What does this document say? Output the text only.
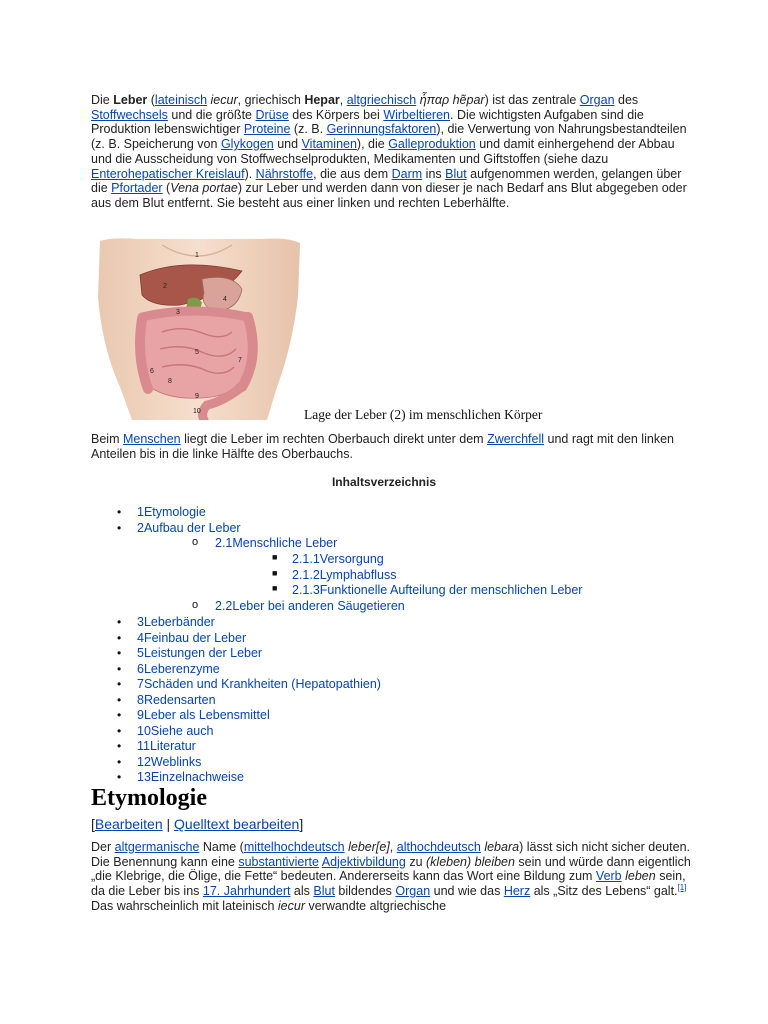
Die Leber (lateinisch iecur, griechisch Hepar, altgriechisch ἧπαρ hẽpar) ist das zentrale Organ des Stoffwechsels und die größte Drüse des Körpers bei Wirbeltieren. Die wichtigsten Aufgaben sind die Produktion lebenswichtiger Proteine (z. B. Gerinnungsfaktoren), die Verwertung von Nahrungsbestandteilen (z. B. Speicherung von Glykogen und Vitaminen), die Galleproduktion und damit einhergehend der Abbau und die Ausscheidung von Stoffwechselprodukten, Medikamenten und Giftstoffen (siehe dazu Enterohepatischer Kreislauf). Nährstoffe, die aus dem Darm ins Blut aufgenommen werden, gelangen über die Pfortader (Vena portae) zur Leber und werden dann von dieser je nach Bedarf ans Blut abgegeben oder aus dem Blut entfernt. Sie besteht aus einer linken und rechten Leberhälfte.

1
2
3
4
5
6
7
8
9
10	Lage der Leber (2) im menschlichen Körper

Beim Menschen liegt die Leber im rechten Oberbauch direkt unter dem Zwerchfell und ragt mit den linken Anteilen bis in die linke Hälfte des Oberbauchs.

Inhaltsverzeichnis
• 1Etymologie
• 2Aufbau der Leber
o 2.1Menschliche Leber
■ 2.1.1Versorgung
■ 2.1.2Lymphabfluss
■ 2.1.3Funktionelle Aufteilung der menschlichen Leber
o 2.2Leber bei anderen Säugetieren
• 3Leberbänder
• 4Feinbau der Leber
• 5Leistungen der Leber
• 6Leberenzyme
• 7Schäden und Krankheiten (Hepatopathien)
• 8Redensarten
• 9Leber als Lebensmittel
• 10Siehe auch
• 11Literatur
• 12Weblinks
• 13Einzelnachweise
Etymologie
[Bearbeiten | Quelltext bearbeiten]

Der altgermanische Name (mittelhochdeutsch leber[e], althochdeutsch lebara) lässt sich nicht sicher deuten. Die Benennung kann eine substantivierte Adjektivbildung zu (kleben) bleiben sein und würde dann eigentlich „die Klebrige, die Ölige, die Fette“ bedeuten. Andererseits kann das Wort eine Bildung zum Verb leben sein, da die Leber bis ins 17. Jahrhundert als Blut bildendes Organ und wie das Herz als „Sitz des Lebens“ galt.[1] Das wahrscheinlich mit lateinisch iecur verwandte altgriechische
